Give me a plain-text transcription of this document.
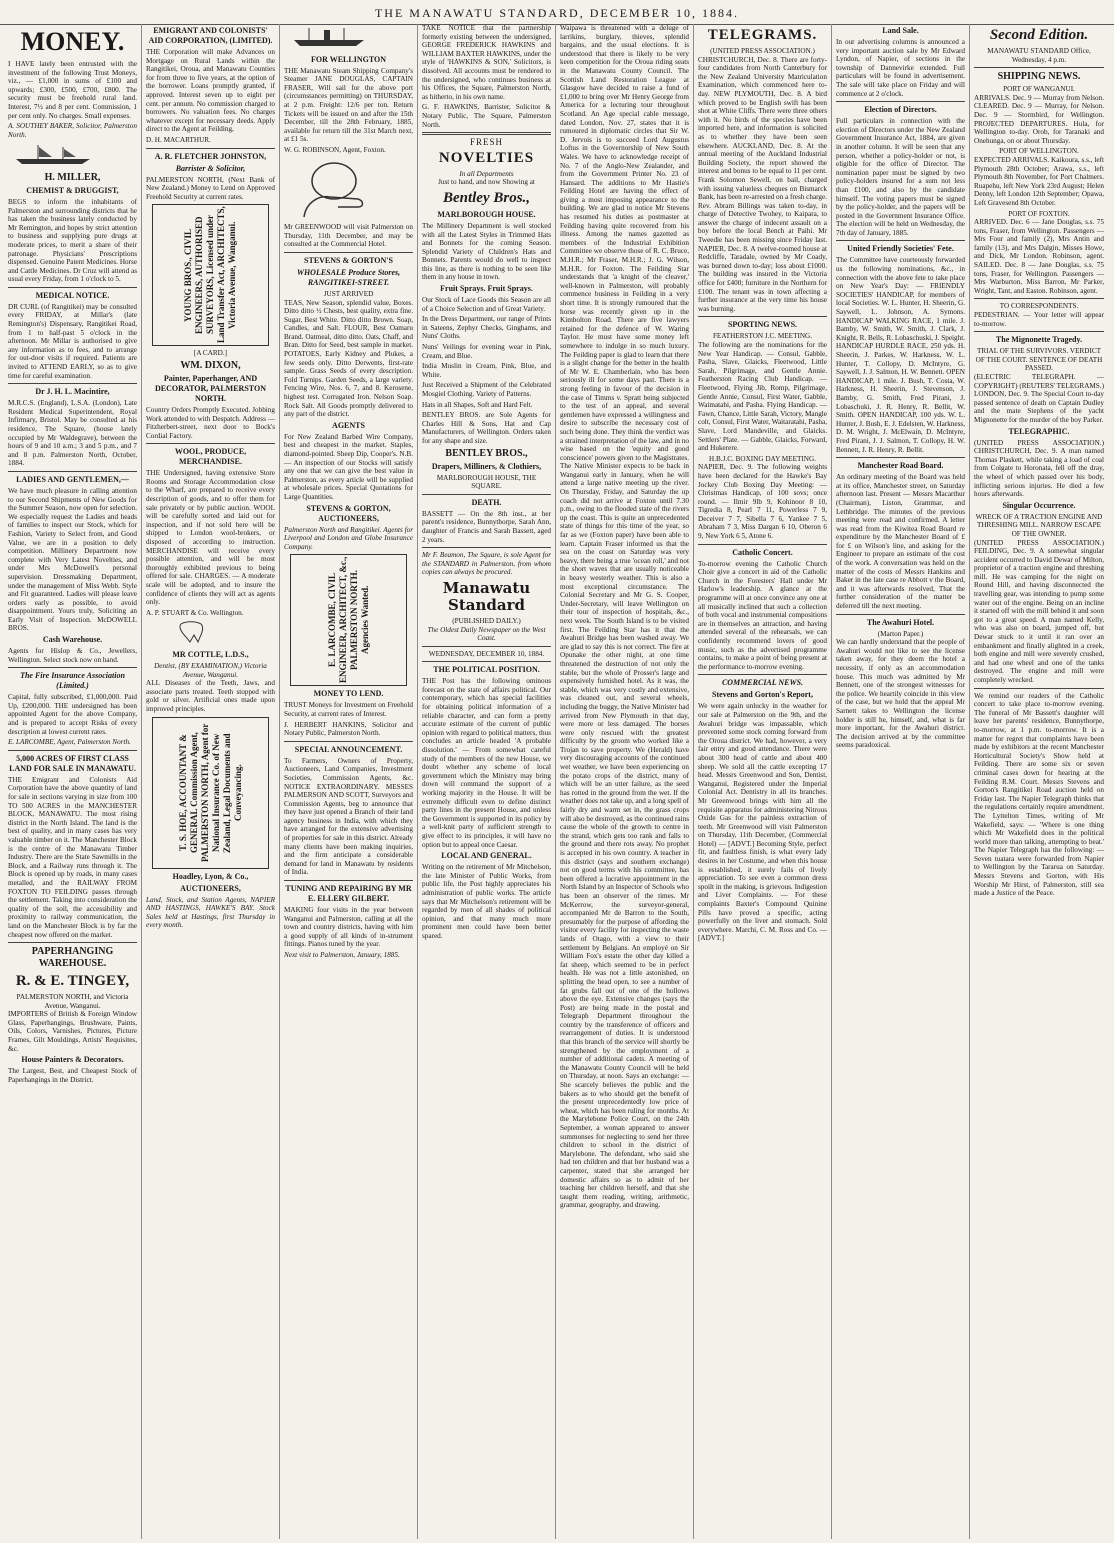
THE MANAWATU STANDARD, DECEMBER 10, 1884.
MONEY.

I HAVE lately been entrusted with the investment of the following Trust Moneys, viz., — £1,000 in sums of £100 and upwards; £300, £500, £700, £800. The security must be freehold rural land. Interest, 7½ and 8 per cent. Commission, 1 per cent only. No charges. Small expenses.

A. SOUTHEY BAKER, Solicitor, Palmerston North.

H. MILLER,
CHEMIST & DRUGGIST,

BEGS to inform the inhabitants of Palmerston and surrounding districts that he has taken the business lately conducted by Mr Remington, and hopes by strict attention to business and supplying pure drugs at moderate prices, to merit a share of their patronage. Physicians' Prescriptions dispensed. Genuine Patent Medicines. Horse and Cattle Medicines. Dr Cruz will attend as usual every Friday, from 1 o'clock to 5.

MEDICAL NOTICE.

DR CURL (of Rangitikei) may be consulted every FRIDAY, at Millar's (late Remington's) Dispensary, Rangitikei Road, from 1 to half-past 5 o'clock in the afternoon. Mr Millar is authorised to give any information as to fees, and to arrange for out-door visits if required. Patients are invited to ATTEND EARLY, so as to give time for careful examination.

Dr J. H. L. Macintire,

M.R.C.S. (England), L.S.A. (London), Late Resident Medical Superintendent, Royal Infirmary, Bristol. May be consulted at his residence, The Square, (house lately occupied by Mr Waldegrave), between the hours of 9 and 10 a.m.; 3 and 5 p.m., and 7 and 8 p.m. Palmerston North, October, 1884.

LADIES AND GENTLEMEN,—

We have much pleasure in calling attention to our Second Shipments of New Goods for the Summer Season, now open for selection. We especially request the Ladies and heads of families to inspect our Stock, which for Fashion, Variety to Select from, and Good Value, we are in a position to defy competition. Millinery Department now complete with Very Latest Novelties, and under Mrs McDowell's personal supervision. Dressmaking Department, under the management of Miss Webb. Style and Fit guaranteed. Ladies will please leave orders early as possible, to avoid disappointment. Yours truly, Soliciting an Early Visit of Inspection. McDOWELL BROS.

Cash Warehouse.

Agents for Hislop & Co., Jewellers, Wellington. Select stock now on hand.

The Fire Insurance Association (Limited.)

Capital, fully subscribed, £1,000,000. Paid Up, £200,000. THE undersigned has been appointed Agent for the above Company, and is prepared to accept Risks of every description at lowest current rates.

E. LARCOMBE, Agent, Palmerston North.

5,000 ACRES OF FIRST CLASS LAND FOR SALE IN MANAWATU.

THE Emigrant and Colonists Aid Corporation have the above quantity of land for sale in sections varying in size from 100 TO 500 ACRES in the MANCHESTER BLOCK, MANAWATU. The most rising district in the North Island. The land is the best of quality, and in many cases has very valuable timber on it. The Manchester Block is the centre of the Manawatu Timber Industry. There are the State Sawmills in the Block, and a Railway runs through it. The Block is opened up by roads, in many cases metalled, and the RAILWAY FROM FOXTON TO FEILDING passes through the settlement. Taking into consideration the quality of the soil, the accessibility and proximity to railway communication, the land on the Manchester Block is by far the cheapest now offered on the market.

PAPERHANGING WAREHOUSE.
R. & E. TINGEY,
PALMERSTON NORTH, and Victoria Avenue, Wanganui.

IMPORTERS of British & Foreign Window Glass, Paperhangings, Brushware, Paints, Oils, Colors, Varnishes, Pictures, Picture Frames, Gilt Mouldings, Artists' Requisites, &c.

House Painters & Decorators.

The Largest, Best, and Cheapest Stock of Paperhangings in the District.

EMIGRANT AND COLONISTS' AID CORPORATION, (LIMITED).

THE Corporation will make Advances on Mortgage on Rural Lands within the Rangitikei, Oroua, and Manawatu Counties for from three to five years, at the option of the borrower. Loans promptly granted, if approved. Interest seven up to eight per cent. per annum. No commission charged to borrowers. No valuation fees. No charges whatever except for necessary deeds. Apply direct to the Agent at Feilding,

D. H. MACARTHUR.

A. R. FLETCHER JOHNSTON,
Barrister & Solicitor,

PALMERSTON NORTH, (Next Bank of New Zealand.) Money to Lend on Approved Freehold Security at current rates.

YOUNG BROS., CIVIL ENGINEERS, AUTHORISED SURVEYORS, Licensed under Land Transfer Act, ARCHITECTS, Victoria Avenue, Wanganui.
[A CARD.]
WM. DIXON,
Painter, Paperhanger, AND DECORATOR, PALMERSTON NORTH.

Country Orders Promptly Executed. Jobbing Work attended to with Despatch. Address — Fitzherbert-street, next door to Bock's Cordial Factory.

WOOL, PRODUCE, MERCHANDISE.

THE Undersigned, having extensive Store Rooms and Storage Accommodation close to the Wharf, are prepared to receive every description of goods, and to offer them for sale privately or by public auction. WOOL will be carefully sorted and laid out for inspection, and if not sold here will be shipped to London wool-brokers, or disposed of according to instruction. MERCHANDISE will receive every possible attention, and will be most thoroughly exhibited previous to being offered for sale. CHARGES. — A moderate scale will be adopted, and to insure the confidence of clients they will act as agents only.

A. P. STUART & Co. Wellington.

MR COTTLE, L.D.S.,
Dentist, (BY EXAMINATION,) Victoria Avenue, Wanganui.

ALL Diseases of the Teeth, Jaws, and associate parts treated. Teeth stopped with gold or silver. Artificial ones made upon improved principles.

T. S. HOE, ACCOUNTANT & GENERAL Commission Agent, PALMERSTON NORTH, Agent for National Insurance Co. of New Zealand, Legal Documents and Conveyancing.
Hoadley, Lyon, & Co.,
AUCTIONEERS,

Land, Stock, and Station Agents, NAPIER AND HASTINGS, HAWKE'S BAY. Stock Sales held at Hastings, first Thursday in every month.

FOR WELLINGTON

THE Manawatu Steam Shipping Company's Steamer JANE DOUGLAS, CAPTAIN FRASER, Will sail for the above port (circumstances permitting) on THURSDAY, at 2 p.m. Freight: 12/6 per ton. Return Tickets will be issued on and after the 15th December, till the 28th February, 1885, available for return till the 31st March next, at £1 5s.

W. G. ROBINSON, Agent, Foxton.

Mr GREENWOOD will visit Palmerston on Thursday, 11th December, and may be consulted at the Commercial Hotel.

STEVENS & GORTON'S
WHOLESALE Produce Stores, RANGITIKEI-STREET.
JUST ARRIVED

TEAS, New Season, splendid value, Boxes. Ditto ditto ½ Chests, best quality, extra fine. Sugar, Best White. Ditto ditto Brown. Soap, Candles, and Salt. FLOUR, Best Oamaru Brand. Oatmeal, ditto ditto. Oats, Chaff, and Bran. Ditto for Seed, best sample in market. POTATOES, Early Kidney and Plukes, a few seeds only. Ditto Derwents, first-rate sample. Grass Seeds of every description. Fold Turnips. Garden Seeds, a large variety. Fencing Wire, Nos. 6, 7, and 8. Kerosene, highest test. Corrugated Iron. Nelson Soap. Rock Salt. All Goods promptly delivered to any part of the district.

AGENTS

For New Zealand Barbed Wire Company, best and cheapest in the market. Staples, diamond-pointed. Sheep Dip, Cooper's. N.B. — An inspection of our Stocks will satisfy any one that we can give the best value in Palmerston, as every article will be supplied at wholesale prices. Special Quotations for Large Quantities.

STEVENS & GORTON, AUCTIONEERS,

Palmerston North and Rangitikei. Agents for Liverpool and London and Globe Insurance Company.

E. LARCOMBE, CIVIL ENGINEER, ARCHITECT, &c., PALMERSTON NORTH. Agencies Wanted.
MONEY TO LEND.

TRUST Moneys for Investment on Freehold Security, at current rates of Interest.

J. HERBERT HANKINS, Solicitor and Notary Public, Palmerston North.

SPECIAL ANNOUNCEMENT.

To Farmers, Owners of Property, Auctioneers, Land Companies, Investment Societies, Commission Agents, &c. NOTICE EXTRAORDINARY. MESSES PALMERSON AND SCOTT, Surveyors and Commission Agents, beg to announce that they have just opened a Branch of their land agency business in India, with which they have arranged for the extensive advertising of properties for sale in this district. Already many clients have been making inquiries, and the firm anticipate a considerable demand for land in Manawatu by residents of India.

TUNING AND REPAIRING BY MR E. ELLERY GILBERT.

MAKING four visits in the year between Wanganui and Palmerston, calling at all the town and country districts, having with him a good supply of all kinds of in-strument fittings. Pianos tuned by the year.

Next visit to Palmerston, January, 1885.

TAKE NOTICE that the partnership formerly existing between the undersigned, GEORGE FREDERICK HAWKINS and WILLIAM BAXTER HAWKINS, under the style of 'HAWKINS & SON,' Solicitors, is dissolved. All accounts must be rendered to the undersigned, who continues business at his Offices, the Square, Palmerston North, as hitherto, in his own name.

G. F. HAWKINS, Barrister, Solicitor & Notary Public, The Square, Palmerston North.

FRESH
NOVELTIES
In all Departments
Just to hand, and now Showing at
Bentley Bros.,
MARLBOROUGH HOUSE.

The Millinery Department is well stocked with all the Latest Styles in Trimmed Hats and Bonnets for the coming Season. Splendid Variety of Children's Hats and Bonnets. Parents would do well to inspect this line, as there is nothing to be seen like them in any house in town.

Fruit Sprays. Fruit Sprays.

Our Stock of Lace Goods this Season are all of a Choice Selection and of Great Variety.

In the Dress Department, our range of Prints in Sateens, Zephyr Checks, Ginghams, and Nuns' Cloths.

Nuns' Veilings for evening wear in Pink, Cream, and Blue.

India Muslin in Cream, Pink, Blue, and White.

Just Received a Shipment of the Celebrated Mosgiel Clothing. Variety of Patterns.

Hats in all Shapes, Soft and Hard Felt.

BENTLEY BROS. are Sole Agents for Charles Hill & Sons, Hat and Cap Manufacturers, of Wellington. Orders taken for any shape and size.

BENTLEY BROS.,
Drapers, Milliners, & Clothiers,
MARLBOROUGH HOUSE, THE SQUARE.
DEATH.

BASSETT — On the 8th inst., at her parent's residence, Bunnythorpe, Sarah Ann, daughter of Francis and Sarah Bassett, aged 2 years.

Mr F. Beamon, The Square, is sole Agent for the STANDARD in Palmerston, from whom copies can always be procured.

Manawatu Standard
(PUBLISHED DAILY.)
The Oldest Daily Newspaper on the West Coast.
WEDNESDAY, DECEMBER 10, 1884.
THE POLITICAL POSITION.

THE Post has the following ominous forecast on the state of affairs political. Our contemporary, which has special facilities for obtaining political information of a reliable character, and can form a pretty accurate estimate of the current of public opinion with regard to political matters, thus concludes an article headed 'A probable dissolution.' — From somewhat careful study of the members of the new House, we doubt whether any scheme of local government which the Ministry may bring down will command the support of a working majority in the House. It will be extremely difficult even to define distinct party lines in the present House, and unless the Government is supported in its policy by a well-knit party of sufficient strength to give effect to its principles, it will have no option but to appeal once Caesar.

LOCAL AND GENERAL.

Writing on the retirement of Mr Mitchelson, the late Minister of Public Works, from public life, the Post highly appreciates his administration of public works. The article says that Mr Mitchelson's retirement will be regarded by men of all shades of political opinion, and that many much more prominent men could have been better spared.

Waipawa is threatened with a deluge of larrikins, burglary, thieves, splendid bargains, and the usual elections. It is understood that there is likely to be very keen competition for the Oroua riding seats in the Manawatu County Council. The Scottish Land Restoration League at Glasgow have decided to raise a fund of £1,000 to bring over Mr Henry George from America for a lecturing tour throughout Scotland. An Age special cable message, dated London, Nov. 27, states that it is rumoured in diplomatic circles that Sir W. D. Jervois is to succeed Lord Augustus Loftus in the Governorship of New South Wales. We have to acknowledge receipt of No. 7 of the Anglo-New Zealander, and from the Government Printer No. 23 of Hansard. The additions to Mr Hastie's Feilding Hotel are having the effect of giving a most imposing appearance to the building. We are glad to notice Mr Stevens has resumed his duties as postmaster at Feilding having quite recovered from his illness. Among the names gazetted as members of the Industrial Exhibition Committee we observe those of R. C. Bruce, M.H.R.; Mr Fraser, M.H.R.; J. G. Wilson, M.H.R. for Foxton. The Feilding Star understands that 'a knight of the cleaver,' well-known in Palmerston, will probably commence business in Feilding in a very short time. It is strongly rumoured that the horse was recently given up in the Kimbolton Road. There are five lawyers retained for the defence of W. Waring Taylor. He must have some money left somewhere to indulge in so much luxury. The Feilding paper is glad to learn that there is a slight change for the better in the health of Mr W. E. Chamberlain, who has been seriously ill for some days past. There is a strong feeling in favour of the decision in the case of Timms v. Spratt being subjected to the test of an appeal, and several gentlemen have expressed a willingness and desire to subscribe the necessary cost of such being done. They think the verdict was a strained interpretation of the law, and in no wise based on the 'equity and good conscience' powers given to the Magistrates. The Native Minister expects to be back in Wanganui early in January, when he will attend a large native meeting up the river. On Thursday, Friday, and Saturday the up coach did not arrive at Foxton until 7.30 p.m., owing to the flooded state of the rivers up the coast. This is quite an unprecedented state of things for this time of the year, so far as we (Foxton paper) have been able to learn. Captain Fraser informed us that the sea on the coast on Saturday was very heavy, there being a true 'ocean roll,' and not the short waves that are usually noticeable in heavy westerly weather. This is also a most exceptional circumstance. The Colonial Secretary and Mr G. S. Cooper, Under-Secretary, will leave Wellington on their tour of inspection of hospitals, &c., next week. The South Island is to be visited first. The Feilding Star has it that the Awahuri Bridge has been washed away. We are glad to say this is not correct. The fire at Opunake the other night, at one time threatened the destruction of not only the stable, but the whole of Prosser's large and expensively furnished hotel. As it was, the stable, which was very costly and extensive, was cleaned out, and several wheels, including the buggy, the Native Minister had arrived from New Plymouth in that day, were more or less damaged. The horses were only rescued with the greatest difficulty by the groom who worked like a Trojan to save property. We (Herald) have very discouraging accounts of the continued wet weather, we have been experiencing on the potato crops of the district, many of which will be an utter failure, as the seed has rotted in the ground from the wet. If the weather does not take up, and a long spell of fairly dry and warm set in, the grass crops will also be destroyed, as the continued rains cause the whole of the growth to centre in the strand, which gets too rank and falls to the ground and there rots away. No prophet is accepted in his own country. A teacher in this district (says and southern exchange) not on good terms with his committee, has been offered a lucrative appointment in the North Island by an Inspector of Schools who has been an observer of the times. Mr McKerrow, the surveyor-general, accompanied Mr de Barron to the South, presumably for the purpose of affording the visitor every facility for inspecting the waste lands of Otago, with a view to their settlement by Belgians. An employé on Sir William Fox's estate the other day killed a fat sheep, which seemed to be in perfect health. He was not a little astonished, on splitting the head open, to see a number of fat grubs fall out of one of the hollows above the eye. Extensive changes (says the Post) are being made in the postal and Telegraph Department throughout the country by the transference of officers and rearrangement of duties. It is understood that this branch of the service will shortly be strengthened by the employment of a number of additional cadets. A meeting of the Manawatu County Council will be held on Thursday, at noon. Says an exchange: — She scarcely believes the public and the bakers as to who should get the benefit of the present unprecedentedly low price of wheat, which has been ruling for months. At the Marylebone Police Court, on the 24th September, a woman appeared to answer summonses for neglecting to send her three children to school in the district of Marylebone. The defendant, who said she had ten children and that her husband was a carpenter, stated that she arranged her domestic affairs so as to admit of her teaching her children herself, and that she taught them reading, writing, arithmetic, grammar, geography, and drawing.

TELEGRAMS.
(UNITED PRESS ASSOCIATION.)

CHRISTCHURCH, Dec. 8. There are forty-four candidates from North Canterbury for the New Zealand University Matriculation Examination, which commenced here to-day. NEW PLYMOUTH, Dec. 8. A bird which proved to be English swift has been shot at White Cliffs. There were three others with it. No birds of the species have been imported here, and information is solicited as to whether they have been seen elsewhere. AUCKLAND, Dec. 8. At the annual meeting of the Auckland Industrial Building Society, the report showed the interest and bonus to be equal to 11 per cent. Frank Solomon Sewell, on bail, charged with issuing valueless cheques on Bismarck Bank, has been re-arrested on a fresh charge. Rev. Abram Billings was taken to-day, in charge of Detective Twohey, to Kaipara, to answer the charge of indecent assault on a boy before the local Bench at Paihi. Mr Tweedie has been missing since Friday last. NAPIER, Dec. 8. A twelve-roomed house at Redcliffe, Taradale, owned by Mr Coady, was burned down to-day; loss about £1000. The building was insured in the Victoria office for £400; furniture in the Northern for £100. The tenant was in town affecting a further insurance at the very time his house was burning.

SPORTING NEWS.
FEATHERSTON J.C. MEETING.

The following are the nominations for the New Year Handicap. — Consul, Gabble, Pasha, Slave, Glaicks, Fleetwood, Little Sarah, Pilgrimage, and Gentle Annie. Featherston Racing Club Handicap. — Fleetwood, Flying Jib, Romp, Pilgrimage, Gentle Annie, Consul, First Water, Gabble, Waimatahi, and Pasha. Flying Handicap. — Fawn, Chance, Little Sarah, Victory, Mangle colt, Consul, First Water, Waitaratahi, Pasha, Slave, Lord Mandeville, and Glaicks. Settlers' Plate. — Gabble, Glaicks, Forward, and Hukerere.

H.B.J.C. BOXING DAY MEETING.

NAPIER, Dec. 9. The following weights have been declared for the Hawke's Bay Jockey Club Boxing Day Meeting: — Christmas Handicap, of 100 sovs; once round. — Ilmir 9lb 9, Kohinoor 8 10, Tigredia 8, Pearl 7 11, Powerless 7 9, Deceiver 7 7, Sibella 7 6, Yankee 7 5, Abraham 7 3, Miss Dargan 6 10, Oberon 6 9, New York 6 5, Atone 6.

Catholic Concert.

To-morrow evening the Catholic Church Choir give a concert in aid of the Catholic Church in the Foresters' Hall under Mr Harlow's leadership. A glance at the programme will at once convince any one at all musically inclined that such a collection of both vocal and instrumental compositions are in themselves an attraction, and having attended several of the rehearsals, we can confidently recommend lovers of good music, such as the advertised programme contains, to make a point of being present at the performance to-morrow evening.

COMMERCIAL NEWS.
Stevens and Gorton's Report,

We were again unlucky in the weather for our sale at Palmerston on the 9th, and the Awahuri bridge was impassable, which prevented some stock coming forward from the Oroua district. We had, however, a very fair entry and good attendance. There were about 300 head of cattle and about 400 sheep. We sold all the cattle excepting 17 head. Messrs Greenwood and Son, Dentist, Wanganui, Registered under the Imperial Colonial Act. Dentistry in all its branches. Mr Greenwood brings with him all the requisite apparatus for administering Nitrous Oxide Gas for the painless extraction of teeth. Mr Greenwood will visit Palmerston on Thursday, 11th December, (Commercial Hotel) — [ADVT.] Becoming Style, perfect fit, and faultless finish, is what every lady desires in her Costume, and when this house is established, it surely fails of lively appreciation. To see even a common dress spoilt in the making, is grievous. Indigestion and Liver Complaints. — For these complaints Baxter's Compound Quinine Pills have proved a specific, acting powerfully on the liver and stomach. Sold everywhere. Marchi, C. M. Ross and Co. — [ADVT.]

Land Sale.

In our advertising columns is announced a very important auction sale by Mr Edward Lyndon, of Napier, of sections in the township of Dannevirke extended. Full particulars will be found in advertisement. The sale will take place on Friday and will commence at 2 o'clock.

Election of Directors.

Full particulars in connection with the election of Directors under the New Zealand Government Insurance Act, 1884, are given in another column. It will be seen that any person, whether a policy-holder or not, is eligible for the office of Director. The nomination paper must be signed by two policy-holders insured for a sum not less than £100, and also by the candidate himself. The voting papers must be signed by the policy-holder, and the papers will be posted in the Government Insurance Office. The election will be held on Wednesday, the 7th day of January, 1885.

United Friendly Societies' Fete.

The Committee have courteously forwarded us the following nominations, &c., in connection with the above fete to take place on New Year's Day: — FRIENDLY SOCIETIES' HANDICAP, for members of local Societies. W. L. Hunter, H. Sheerin, G. Saywell, L. Johnson, A. Symons. HANDICAP WALKING RACE, 1 mile. J. Bamby, W. Smith, W. Smith, J. Clark, J. Knight, R. Bells, R. Lobaschuski, J. Speight. HANDICAP HURDLE RACE, 250 yds. H. Sheerin, J. Parkes, W. Harkness, W. L. Hunter, T. Collopy, D. McIntyre, G. Saywell, J. J. Salmon, H. W. Bennett. OPEN HANDICAP, 1 mile. J. Bush, T. Costa, W. Harkness, H. Sheerin, J. Stevenson, J. Bamby, G. Smith, Fred Pirani, J. Lobaschuki, J. R. Henry, R. Bellit, W. Smith. OPEN HANDICAP, 100 yds. W. L. Hunter, J. Bush, E. J. Edelsten, W. Harkness, D. M. Wright, J. McElwain, D. McIntyre, Fred Pirani, J. J. Salmon, T. Collopy, H. W. Bennett, J. R. Henry, R. Bellit.

Manchester Road Board.

An ordinary meeting of the Board was held at its office, Manchester street, on Saturday afternoon last. Present — Messrs Macarthur (Chairman), Liston, Grammar, and Lethbridge. The minutes of the previous meeting were read and confirmed. A letter was read from the Kiwitea Road Board re expenditure by the Manchester Board of £ for £ on Wilson's line, and asking for the Engineer to prepare an estimate of the cost of the work. A conversation was held on the matter of the costs of Messrs Hankins and Baker in the late case re Abbott v the Board, and it was afterwards resolved, That the further consideration of the matter be deferred till the next meeting.

The Awahuri Hotel.
(Marton Paper.)

We can hardly understand that the people of Awahuri would not like to see the license taken away, for they deem the hotel a necessity, if only as an accommodation house. This much was admitted by Mr Bennett, one of the strongest witnesses for the police. We heartily coincide in this view of the case, but we hold that the appeal Mr Sarnett takes to Wellington the license holder is still he, himself, and, what is far more important, for the Awahuri district. The decision arrived at by the committee seems paradoxical.

Second Edition.
MANAWATU STANDARD Office, Wednesday, 4 p.m.
SHIPPING NEWS.
PORT OF WANGANUI.

ARRIVALS. Dec. 9 — Murray from Nelson. CLEARED. Dec. 9 — Murray, for Nelson. Dec. 9 — Stormbird, for Wellington. PROJECTED DEPARTURES. Hula, for Wellington to-day. Orob, for Taranaki and Onehunga, on or about Thursday.

PORT OF WELLINGTON.

EXPECTED ARRIVALS. Kaikoura, s.s., left Plymouth 28th October; Arawa, s.s., left Plymouth 8th November, for Port Chalmers. Ruapehu, left New York 23rd August; Helen Denny, left London 12th September; Opawa, Left Gravesend 8th October.

PORT OF FOXTON.

ARRIVED. Dec. 6 — Jane Douglas, s.s. 75 tons, Fraser, from Wellington. Passengers — Mrs Four and family (2), Mrs Antin and family (13), and Mrs Dalgin, Misses Howe, and Dick, Mr London. Robinson, agent. SAILED. Dec. 8 — Jane Douglas, s.s. 75 tons, Fraser, for Wellington. Passengers — Mrs Warburton, Miss Barron, Mr Parker, Wright, Tant, and Easton. Robinson, agent.

TO CORRESPONDENTS.

PEDESTRIAN. — Your letter will appear to-morrow.

The Mignonette Tragedy.
TRIAL OF THE SURVIVORS. VERDICT OF THE COURT. SENTENCE OF DEATH PASSED.

(ELECTRIC TELEGRAPH. — COPYRIGHT) (REUTERS' TELEGRAMS.) LONDON, Dec. 9. The Special Court to-day passed sentence of death on Captain Dudley and the mate Stephens of the yacht Mignonette for the murder of the boy Parker.

TELEGRAPHIC.

(UNITED PRESS ASSOCIATION.) CHRISTCHURCH, Dec. 9. A man named Thomas Plaskett, while taking a load of coal from Colgate to Horonata, fell off the dray, the wheel of which passed over his body, inflicting serious injuries. He died a few hours afterwards.

Singular Occurrence.
WRECK OF A TRACTION ENGINE AND THRESHING MILL. NARROW ESCAPE OF THE OWNER.

(UNITED PRESS ASSOCIATION.) FEILDING, Dec. 9. A somewhat singular accident occurred to David Dewar of Milton, proprietor of a traction engine and threshing mill. He was camping for the night on Round Hill, and having disconnected the travelling gear, was intending to pump some water out of the engine. Being on an incline it started off with the mill behind it and soon got to a great speed. A man named Kelly, who was also on board, jumped off, but Dewar stuck to it until it ran over an embankment and finally alighted in a creek, both engine and mill were severely crushed, and had one wheel and one of the tanks destroyed. The engine and mill were completely wrecked.

We remind our readers of the Catholic concert to take place to-morrow evening. The funeral of Mr Bassett's daughter will leave her parents' residence, Bunnythorpe, to-morrow, at 1 p.m. to-morrow. It is a matter for regret that complaints have been made by exhibitors at the recent Manchester Horticultural Society's Show held at Feilding. There are some six or seven criminal cases down for hearing at the Feilding R.M. Court. Messrs Stevens and Gorton's Rangitikei Road auction held on Friday last. The Napier Telegraph thinks that the regulations certainly require amendment. The Lyttelton Times, writing of Mr Wakefield, says: — 'Where is one thing which Mr Wakefield does in the political world more than talking, attempting to beat.' The Napier Telegraph has the following: — Seven tuatara were forwarded from Napier to Wellington by the Tararua on Saturday. Messrs Stevens and Gorton, with His Worship Mr Hirst, of Palmerston, still sea made a Justice of the Peace.
